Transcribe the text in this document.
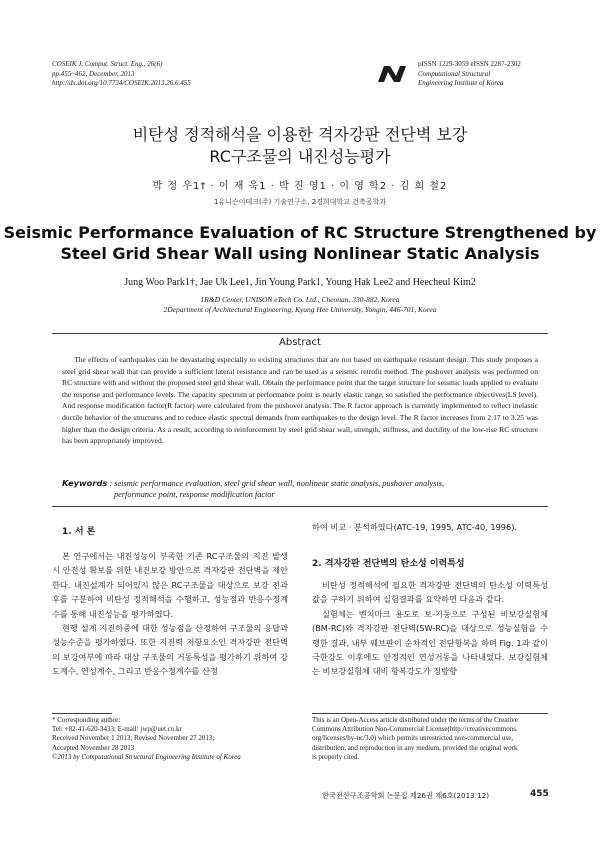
COSEIK J. Comput. Struct. Eng., 26(6)
pp.455~462, December, 2013
http://dx.doi.org/10.7734/COSEIK.2013.26.6.455
pISSN 1229-3059 eISSN 2287-2302
Computational Structural
Engineering Institute of Korea
비탄성 정적해석을 이용한 격자강판 전단벽 보강
RC구조물의 내진성능평가
박 정 우1† · 이 재 욱1 · 박 진 영1 · 이 영 학2 · 김 희 철2
1유니슨이테크(주) 기술연구소, 2경희대학교 건축공학과
Seismic Performance Evaluation of RC Structure Strengthened by
Steel Grid Shear Wall using Nonlinear Static Analysis
Jung Woo Park1†, Jae Uk Lee1, Jin Young Park1, Young Hak Lee2 and Heecheul Kim2
1R&D Center, UNISON eTech Co. Ltd., Cheonan, 330-882, Korea
2Department of Architectural Engineering, Kyung Hee University, Yongin, 446-701, Korea
Abstract
The effects of earthquakes can be devastating especially to existing structures that are not based on earthquake resistant design. This study proposes a steel grid shear wall that can provide a sufficient lateral resistance and can be used as a seismic retrofit method. The pushover analysis was performed on RC structure with and without the proposed steel grid shear wall. Obtain the performance point that the target structure for seismic loads applied to evaluate the response and performance levels. The capacity spectrum at performance point is nearly elastic range, so satisfied the performance objectives(LS level). And response modification factor(R factor) were calculated from the pushover analysis. The R factor approach is currently implemented to reflect inelastic ductile behavior of the structures and to reduce elastic spectral demands from earthquakes to the design level. The R factor increases from 2.17 to 3.25 was higher than the design criteria. As a result, according to reinforcement by steel grid shear wall, strength, stiffness, and ductility of the low-rise RC structure has been appropriately improved.
Keywords : seismic performance evaluation, steel grid shear wall, nonlinear static analysis, pushover analysis,
performance point, response modification factor
1. 서 론

본 연구에서는 내진성능이 부족한 기존 RC구조물의 지진 발생 시 안전성 확보를 위한 내진보강 방안으로 격자강판 전단벽을 제안한다. 내진설계가 되어있지 않은 RC구조물을 대상으로 보강 전과 후를 구분하여 비탄성 정적해석을 수행하고, 성능점과 반응수정계수를 통해 내진성능을 평가하였다.

현행 설계 지진하중에 대한 성능점을 산정하여 구조물의 응답과 성능수준을 평가하였다. 또한 지진력 저항요소인 격자강판 전단벽의 보강여부에 따라 대상 구조물의 거동특성을 평가하기 위하여 강도계수, 연성계수, 그리고 반응수정계수를 산정

하여 비교 · 분석하였다(ATC-19, 1995, ATC-40, 1996).
2. 격자강판 전단벽의 탄소성 이력특성

비탄성 정적해석에 필요한 격자강판 전단벽의 탄소성 이력특성값을 구하기 위하여 실험결과를 요약하면 다음과 같다.

실험체는 벤치마크 용도로 보-기둥으로 구성된 비보강실험체(BM-RC)와 격자강판 전단벽(SW-RC)을 대상으로 성능실험을 수행한 결과, 내부 웨브판이 순차적인 전단항복을 하며 Fig. 1과 같이 극한강도 이후에도 안정적인 연성거동을 나타내었다. 보강실험체는 비보강실험체 대비 항복강도가 정방향

* Corresponding author:
Tel: +82-41-620-3433; E-mail: jwp@uet.co.kr
Received November 1 2013; Revised November 27 2013;
Accepted November 28 2013
©2013 by Computational Structural Engineering Institute of Korea
This is an Open-Access article distributed under the terms of the Creative
Commons Attribution Non-Commercial License(http://creativecommons.
org/licenses/by-nc/3.0) which permits unrestricted non-commercial use,
distribution, and reproduction in any medium, provided the original work
is properly cited.
한국전산구조공학회 논문집 제26권 제6호(2013.12)	455
